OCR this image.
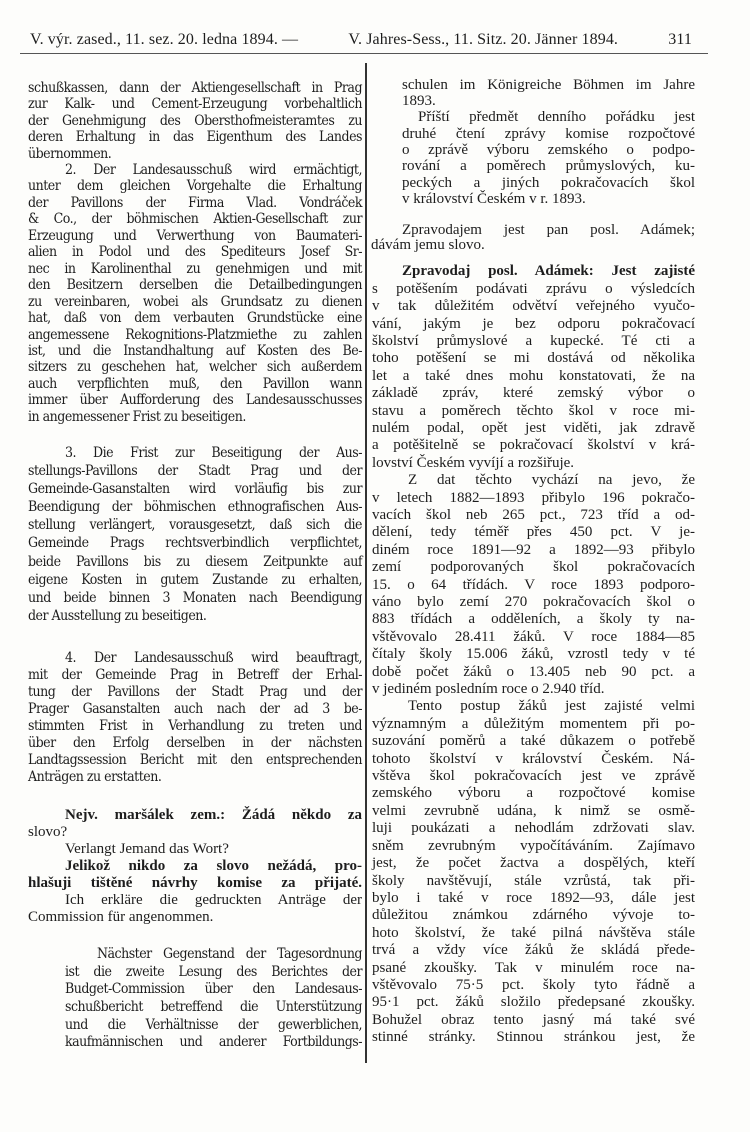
V. výr. zased., 11. sez. 20. ledna 1894. —	V. Jahres-Sess., 11. Sitz. 20. Jänner 1894.	311
schußkassen, dann der Aktiengesellschaft in Prag
zur Kalk- und Cement-Erzeugung vorbehaltlich
der Genehmigung des Obersthofmeisteramtes zu
deren Erhaltung in das Eigenthum des Landes
übernommen.
2. Der Landesausschuß wird ermächtigt,
unter dem gleichen Vorgehalte die Erhaltung
der Pavillons der Firma Vlad. Vondráček
& Co., der böhmischen Aktien-Gesellschaft zur
Erzeugung und Verwerthung von Baumateri-
alien in Podol und des Spediteurs Josef Sr-
nec in Karolinenthal zu genehmigen und mit
den Besitzern derselben die Detailbedingungen
zu vereinbaren, wobei als Grundsatz zu dienen
hat, daß von dem verbauten Grundstücke eine
angemessene Rekognitions-Platzmiethe zu zahlen
ist, und die Instandhaltung auf Kosten des Be-
sitzers zu geschehen hat, welcher sich außerdem
auch verpflichten muß, den Pavillon wann
immer über Aufforderung des Landesausschusses
in angemessener Frist zu beseitigen.
3. Die Frist zur Beseitigung der Aus-
stellungs-Pavillons der Stadt Prag und der
Gemeinde-Gasanstalten wird vorläufig bis zur
Beendigung der böhmischen ethnografischen Aus-
stellung verlängert, vorausgesetzt, daß sich die
Gemeinde Prags rechtsverbindlich verpflichtet,
beide Pavillons bis zu diesem Zeitpunkte auf
eigene Kosten in gutem Zustande zu erhalten,
und beide binnen 3 Monaten nach Beendigung
der Ausstellung zu beseitigen.
4. Der Landesausschuß wird beauftragt,
mit der Gemeinde Prag in Betreff der Erhal-
tung der Pavillons der Stadt Prag und der
Prager Gasanstalten auch nach der ad 3 be-
stimmten Frist in Verhandlung zu treten und
über den Erfolg derselben in der nächsten
Landtagssession Bericht mit den entsprechenden
Anträgen zu erstatten.
Nejv. maršálek zem.: Žádá někdo za
slovo?
Verlangt Jemand das Wort?
Jelikož nikdo za slovo nežádá, pro-
hlašuji tištěné návrhy komise za přijaté.
Ich erkläre die gedruckten Anträge der
Commission für angenommen.
Nächster Gegenstand der Tagesordnung
ist die zweite Lesung des Berichtes der
Budget-Commission über den Landesaus-
schußbericht betreffend die Unterstützung
und die Verhältnisse der gewerblichen,
kaufmännischen und anderer Fortbildungs-
schulen im Königreiche Böhmen im Jahre
1893.
Příští předmět denního pořádku jest
druhé čtení zprávy komise rozpočtové
o zprávě výboru zemského o podpo-
rování a poměrech průmyslových, ku-
peckých a jiných pokračovacích škol
v království Českém v r. 1893.
Zpravodajem jest pan posl. Adámek;
dávám jemu slovo.
Zpravodaj posl. Adámek: Jest zajisté
s potěšením podávati zprávu o výsledcích
v tak důležitém odvětví veřejného vyučo-
vání, jakým je bez odporu pokračovací
školství průmyslové a kupecké. Té cti a
toho potěšení se mi dostává od několika
let a také dnes mohu konstatovati, že na
základě zpráv, které zemský výbor o
stavu a poměrech těchto škol v roce mi-
nulém podal, opět jest viděti, jak zdravě
a potěšitelně se pokračovací školství v krá-
lovství Českém vyvíjí a rozšiřuje.
Z dat těchto vychází na jevo, že
v letech 1882—1893 přibylo 196 pokračo-
vacích škol neb 265 pct., 723 tříd a od-
dělení, tedy téměř přes 450 pct. V je-
diném roce 1891—92 a 1892—93 přibylo
zemí podporovaných škol pokračovacích
15. o 64 třídách. V roce 1893 podporo-
váno bylo zemí 270 pokračovacích škol o
883 třídách a odděleních, a školy ty na-
vštěvovalo 28.411 žáků. V roce 1884—85
čítaly školy 15.006 žáků, vzrostl tedy v té
době počet žáků o 13.405 neb 90 pct. a
v jediném posledním roce o 2.940 tříd.
Tento postup žáků jest zajisté velmi
významným a důležitým momentem při po-
suzování poměrů a také důkazem o potřebě
tohoto školství v království Českém. Ná-
vštěva škol pokračovacích jest ve zprávě
zemského výboru a rozpočtové komise
velmi zevrubně udána, k nimž se osmě-
luji poukázati a nehodlám zdržovati slav.
sněm zevrubným vypočítáváním. Zajímavo
jest, že počet žactva a dospělých, kteří
školy navštěvují, stále vzrůstá, tak při-
bylo i také v roce 1892—93, dále jest
důležitou známkou zdárného vývoje to-
hoto školství, že také pilná návštěva stále
trvá a vždy více žáků že skládá přede-
psané zkoušky. Tak v minulém roce na-
vštěvovalo 75·5 pct. školy tyto řádně a
95·1 pct. žáků složilo předepsané zkoušky.
Bohužel obraz tento jasný má také své
stinné stránky. Stinnou stránkou jest, že
